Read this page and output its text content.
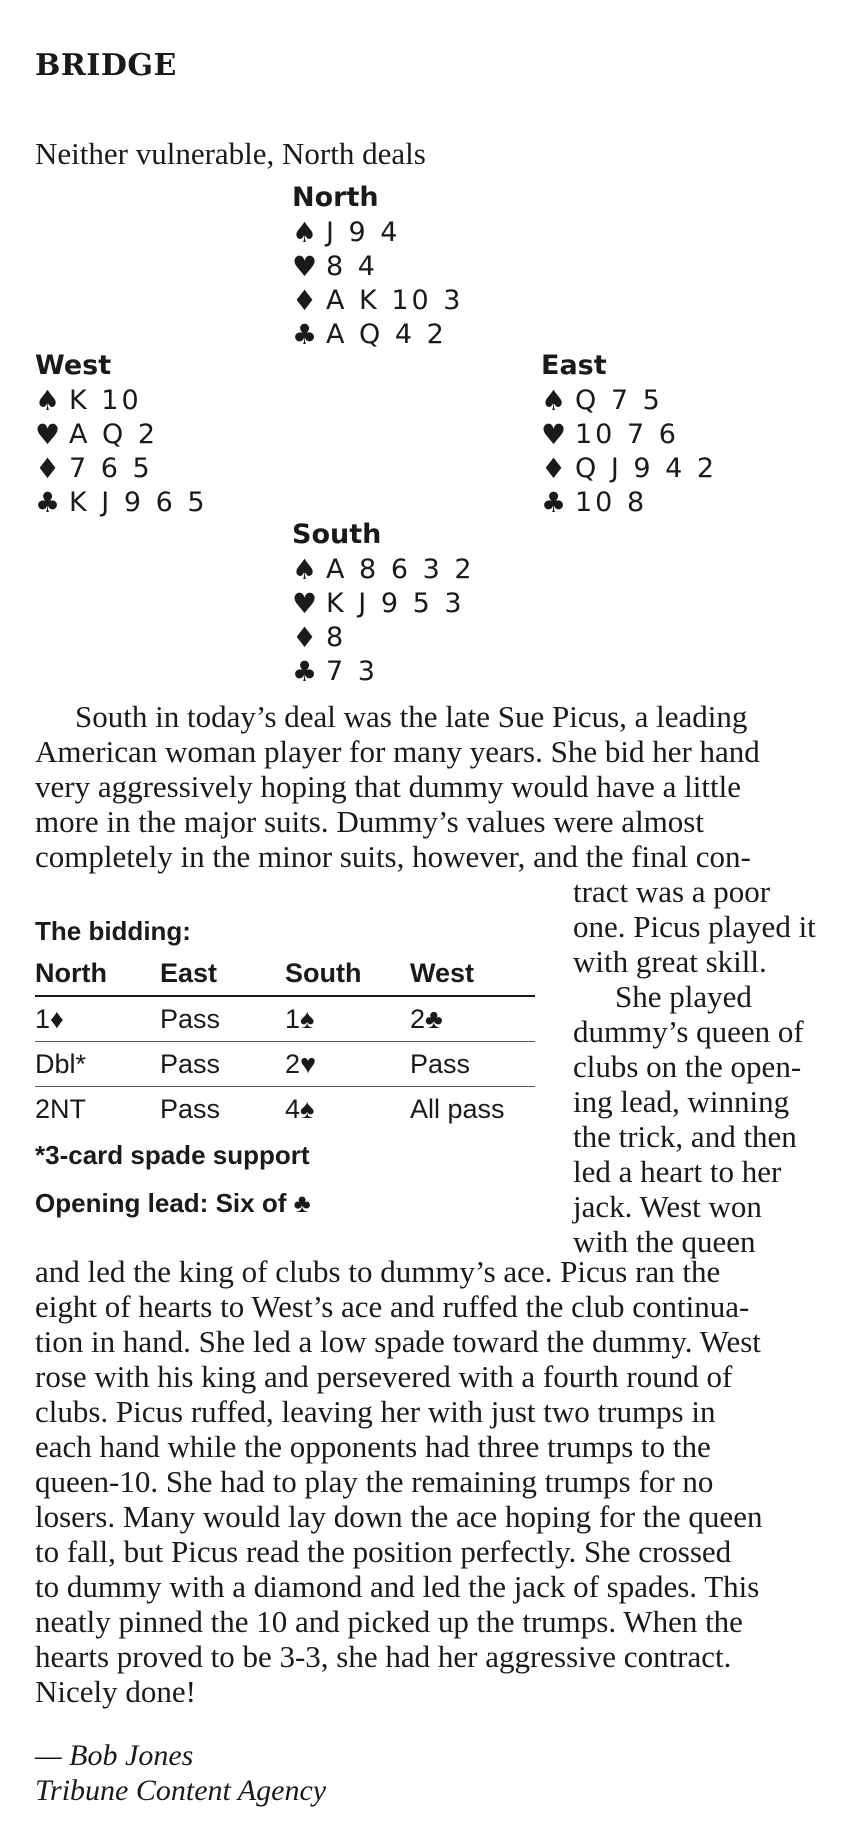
BRIDGE
Neither vulnerable, North deals
North
♠ J 9 4
♥ 8 4
♦ A K 10 3
♣ A Q 4 2
West
♠ K 10
♥ A Q 2
♦ 7 6 5
♣ K J 9 6 5
East
♠ Q 7 5
♥ 10 7 6
♦ Q J 9 4 2
♣ 10 8
South
♠ A 8 6 3 2
♥ K J 9 5 3
♦ 8
♣ 7 3
South in today’s deal was the late Sue Picus, a leading
American woman player for many years. She bid her hand
very aggressively hoping that dummy would have a little
more in the major suits. Dummy’s values were almost
completely in the minor suits, however, and the final con-
tract was a poor
one. Picus played it
with great skill.
She played
dummy’s queen of
clubs on the open-
ing lead, winning
the trick, and then
led a heart to her
jack. West won
with the queen
The bidding:
North	East	South	West
1♦	Pass	1♠	2♣
Dbl*	Pass	2♥	Pass
2NT	Pass	4♠	All pass
*3-card spade support
Opening lead: Six of ♣
and led the king of clubs to dummy’s ace. Picus ran the
eight of hearts to West’s ace and ruffed the club continua-
tion in hand. She led a low spade toward the dummy. West
rose with his king and persevered with a fourth round of
clubs. Picus ruffed, leaving her with just two trumps in
each hand while the opponents had three trumps to the
queen-10. She had to play the remaining trumps for no
losers. Many would lay down the ace hoping for the queen
to fall, but Picus read the position perfectly. She crossed
to dummy with a diamond and led the jack of spades. This
neatly pinned the 10 and picked up the trumps. When the
hearts proved to be 3-3, she had her aggressive contract.
Nicely done!
— Bob Jones
Tribune Content Agency
